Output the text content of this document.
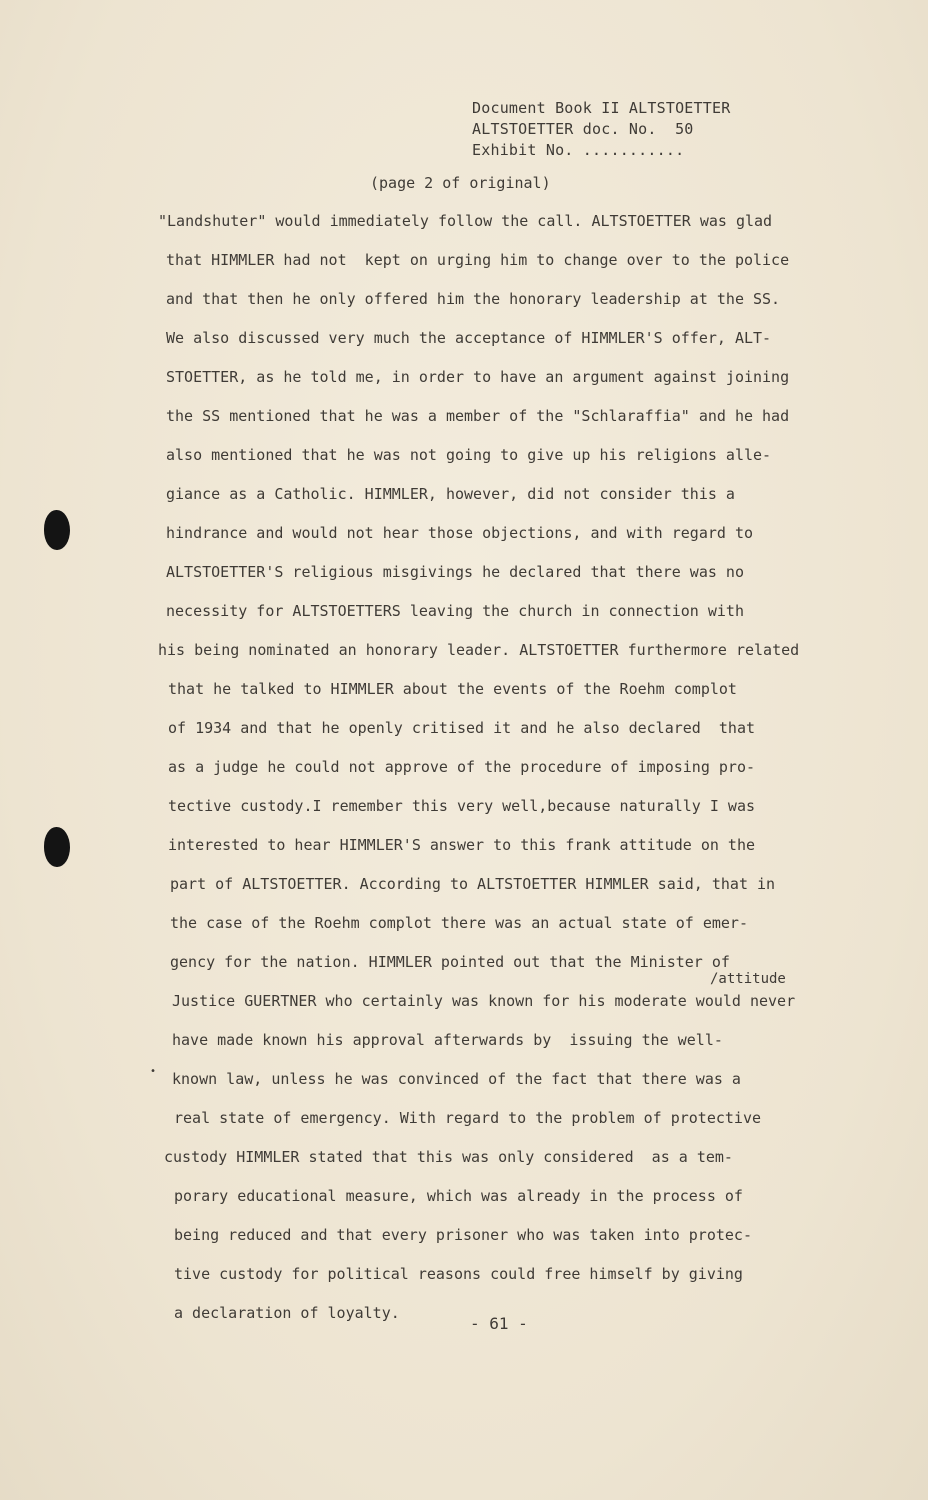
Document Book II ALTSTOETTER
ALTSTOETTER doc. No.  50
Exhibit No. ...........
(page 2 of original)
"Landshuter" would immediately follow the call. ALTSTOETTER was glad
that HIMMLER had not  kept on urging him to change over to the police
and that then he only offered him the honorary leadership at the SS.
We also discussed very much the acceptance of HIMMLER'S offer, ALT-
STOETTER, as he told me, in order to have an argument against joining
the SS mentioned that he was a member of the "Schlaraffia" and he had
also mentioned that he was not going to give up his religions alle-
giance as a Catholic. HIMMLER, however, did not consider this a
hindrance and would not hear those objections, and with regard to
ALTSTOETTER'S religious misgivings he declared that there was no
necessity for ALTSTOETTERS leaving the church in connection with
his being nominated an honorary leader. ALTSTOETTER furthermore related
that he talked to HIMMLER about the events of the Roehm complot
of 1934 and that he openly critised it and he also declared  that
as a judge he could not approve of the procedure of imposing pro-
tective custody.I remember this very well,because naturally I was
interested to hear HIMMLER'S answer to this frank attitude on the
part of ALTSTOETTER. According to ALTSTOETTER HIMMLER said, that in
the case of the Roehm complot there was an actual state of emer-
gency for the nation. HIMMLER pointed out that the Minister of
Justice GUERTNER who certainly was known for his moderate would never
have made known his approval afterwards by  issuing the well-
known law, unless he was convinced of the fact that there was a
real state of emergency. With regard to the problem of protective
custody HIMMLER stated that this was only considered  as a tem-
porary educational measure, which was already in the process of
being reduced and that every prisoner who was taken into protec-
tive custody for political reasons could free himself by giving
a declaration of loyalty.
/attitude
•
- 61 -
